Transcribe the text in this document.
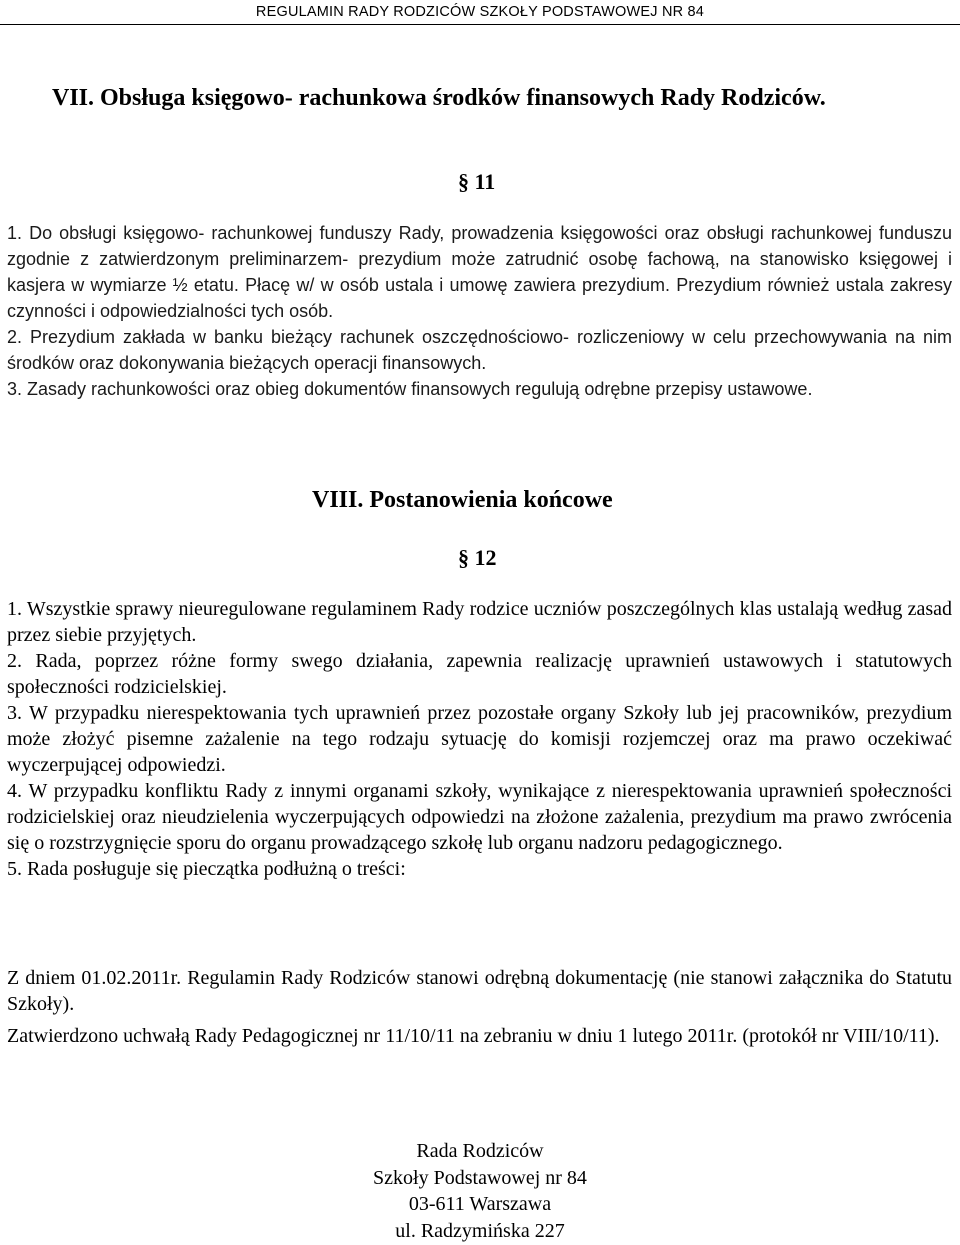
REGULAMIN RADY RODZICÓW SZKOŁY PODSTAWOWEJ NR 84
VII. Obsługa księgowo- rachunkowa środków finansowych Rady Rodziców.
§ 11

1. Do obsługi księgowo- rachunkowej funduszy Rady, prowadzenia księgowości oraz obsługi rachunkowej funduszu zgodnie z zatwierdzonym preliminarzem- prezydium może zatrudnić osobę fachową, na stanowisko księgowej i kasjera w wymiarze ½ etatu. Płacę w/ w osób ustala i umowę zawiera prezydium. Prezydium również ustala zakresy czynności i odpowiedzialności tych osób.

2. Prezydium zakłada w banku bieżący rachunek oszczędnościowo- rozliczeniowy w celu przechowywania na nim środków oraz dokonywania bieżących operacji finansowych.

3. Zasady rachunkowości oraz obieg dokumentów finansowych regulują odrębne przepisy ustawowe.

VIII. Postanowienia końcowe
§ 12

1. Wszystkie sprawy nieuregulowane regulaminem Rady rodzice uczniów poszczególnych klas ustalają według zasad przez siebie przyjętych.

2. Rada, poprzez różne formy swego działania, zapewnia realizację uprawnień ustawowych i statutowych społeczności rodzicielskiej.

3. W przypadku nierespektowania tych uprawnień przez pozostałe organy Szkoły lub jej pracowników, prezydium może złożyć pisemne zażalenie na tego rodzaju sytuację do komisji rozjemczej oraz ma prawo oczekiwać wyczerpującej odpowiedzi.

4. W przypadku konfliktu Rady z innymi organami szkoły, wynikające z nierespektowania uprawnień społeczności rodzicielskiej oraz nieudzielenia wyczerpujących odpowiedzi na złożone zażalenia, prezydium ma prawo zwrócenia się o rozstrzygnięcie sporu do organu prowadzącego szkołę lub organu nadzoru pedagogicznego.

5. Rada posługuje się pieczątka podłużną o treści:

Z dniem 01.02.2011r. Regulamin Rady Rodziców stanowi odrębną dokumentację (nie stanowi załącznika do Statutu Szkoły).

Zatwierdzono uchwałą Rady Pedagogicznej nr 11/10/11 na zebraniu w dniu 1 lutego 2011r. (protokół nr VIII/10/11).

Rada Rodziców
Szkoły Podstawowej nr 84
03-611 Warszawa
ul. Radzymińska 227
